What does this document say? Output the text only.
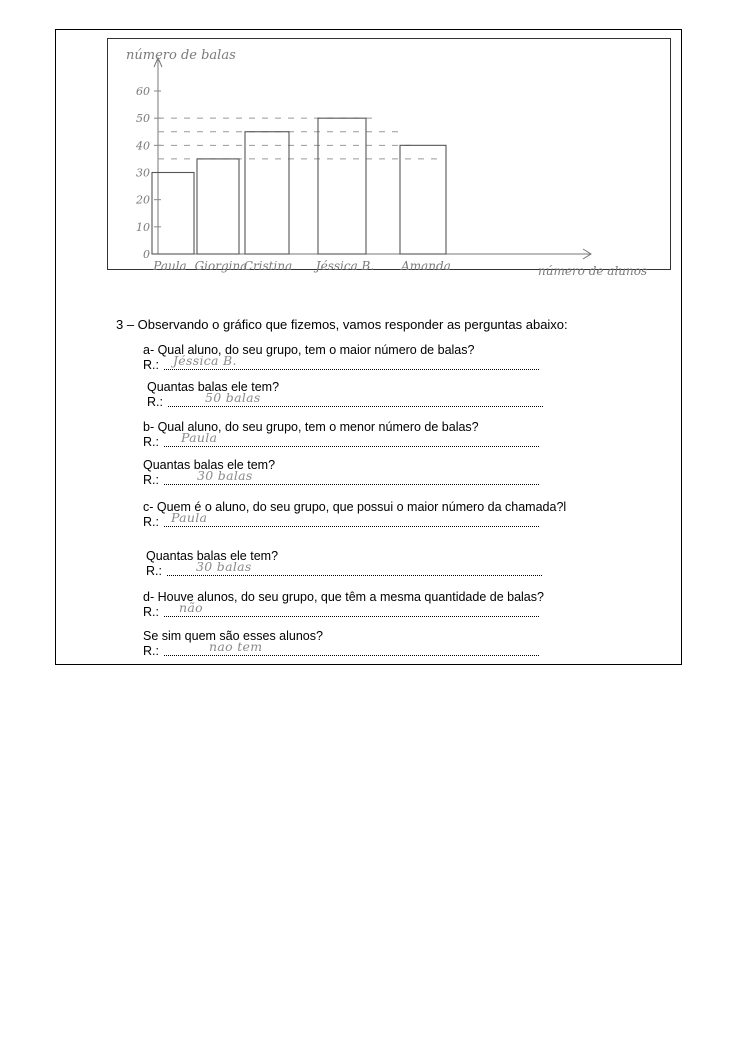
número de balas
número de alunos
0
10
20
30
40
50
60
Paula Giorgina
Cristina Jéssica B. Amanda
3 – Observando o gráfico que fizemos, vamos responder as perguntas abaixo:
a- Qual aluno, do seu grupo, tem o maior número de balas?
R.: Jéssica B.
Quantas balas ele tem?
R.:	50 balas
b- Qual aluno, do seu grupo, tem o menor número de balas?
R.: Paula
Quantas balas ele tem?
R.:	30 balas
c- Quem é o aluno, do seu grupo, que possui o maior número da chamada?l
R.: Paula
Quantas balas ele tem?
R.:	30 balas
d- Houve alunos, do seu grupo, que têm a mesma quantidade de balas?
R.: não
Se sim quem são esses alunos?
R.:	nao tem
